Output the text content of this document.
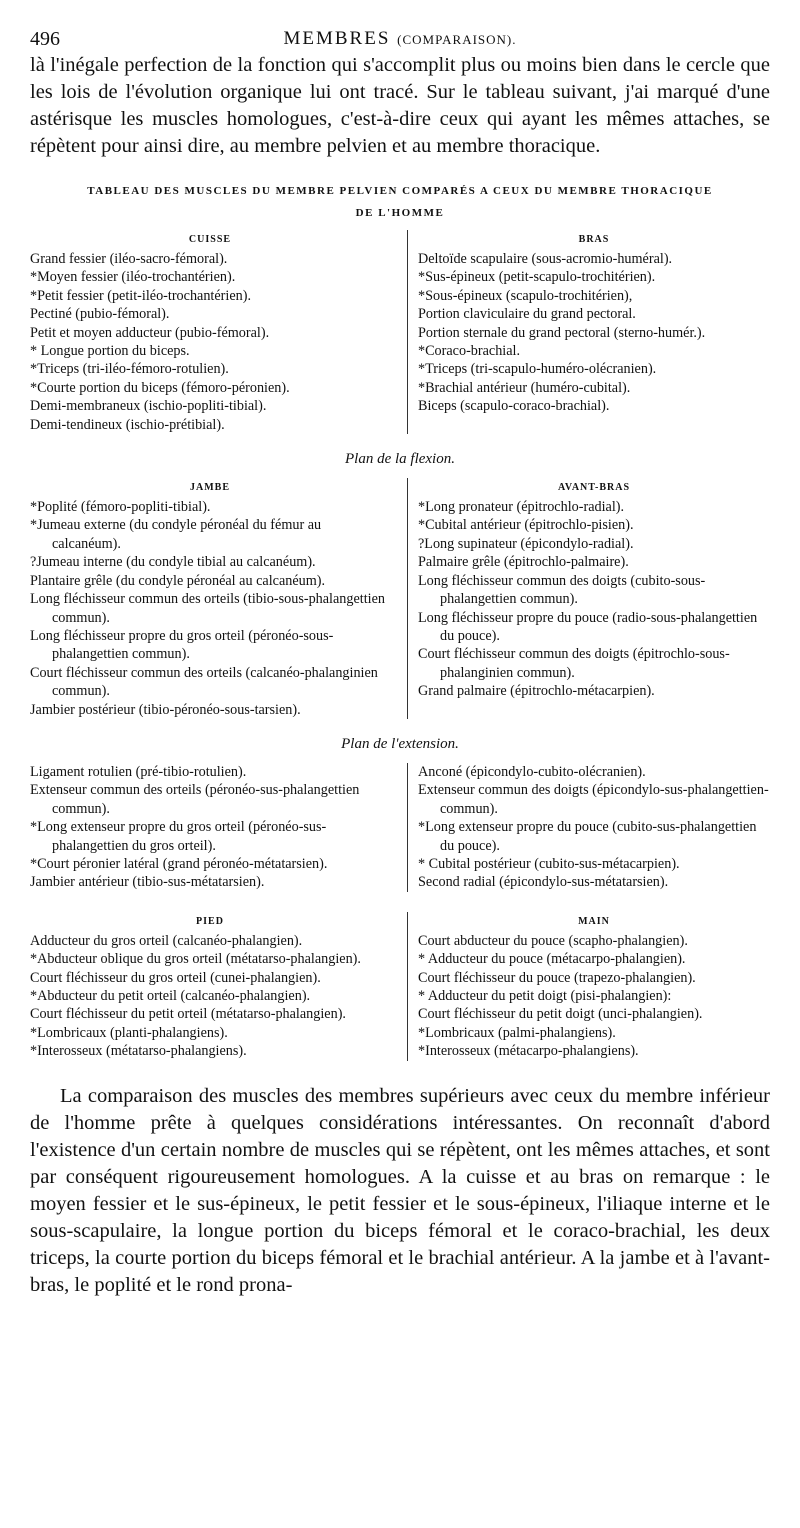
496	MEMBRES (COMPARAISON).

là l'inégale perfection de la fonction qui s'accomplit plus ou moins bien dans le cercle que les lois de l'évolution organique lui ont tracé. Sur le tableau suivant, j'ai marqué d'une astérisque les muscles homologues, c'est-à-dire ceux qui ayant les mêmes attaches, se répètent pour ainsi dire, au membre pelvien et au membre thoracique.

TABLEAU DES MUSCLES DU MEMBRE PELVIEN COMPARÉS A CEUX DU MEMBRE THORACIQUE
DE L'HOMME
CUISSE
Grand fessier (iléo-sacro-fémoral).
*Moyen fessier (iléo-trochantérien).
*Petit fessier (petit-iléo-trochantérien).
Pectiné (pubio-fémoral).
Petit et moyen adducteur (pubio-fémoral).
* Longue portion du biceps.
*Triceps (tri-iléo-fémoro-rotulien).
*Courte portion du biceps (fémoro-péronien).
Demi-membraneux (ischio-popliti-tibial).
Demi-tendineux (ischio-prétibial).
BRAS
Deltoïde scapulaire (sous-acromio-huméral).
*Sus-épineux (petit-scapulo-trochitérien).
*Sous-épineux (scapulo-trochitérien),
Portion claviculaire du grand pectoral.
Portion sternale du grand pectoral (sterno-humér.).
*Coraco-brachial.
*Triceps (tri-scapulo-huméro-olécranien).
*Brachial antérieur (huméro-cubital).
Biceps (scapulo-coraco-brachial).
Plan de la flexion.
JAMBE
*Poplité (fémoro-popliti-tibial).
*Jumeau externe (du condyle péronéal du fémur au calcanéum).
?Jumeau interne (du condyle tibial au calcanéum).
Plantaire grêle (du condyle péronéal au calcanéum).
Long fléchisseur commun des orteils (tibio-sous-phalangettien commun).
Long fléchisseur propre du gros orteil (péronéo-sous-phalangettien commun).
Court fléchisseur commun des orteils (calcanéo-phalanginien commun).
Jambier postérieur (tibio-péronéo-sous-tarsien).
AVANT-BRAS
*Long pronateur (épitrochlo-radial).
*Cubital antérieur (épitrochlo-pisien).
?Long supinateur (épicondylo-radial).
Palmaire grêle (épitrochlo-palmaire).
Long fléchisseur commun des doigts (cubito-sous-phalangettien commun).
Long fléchisseur propre du pouce (radio-sous-phalangettien du pouce).
Court fléchisseur commun des doigts (épitrochlo-sous-phalanginien commun).
Grand palmaire (épitrochlo-métacarpien).
Plan de l'extension.
Ligament rotulien (pré-tibio-rotulien).
Extenseur commun des orteils (péronéo-sus-phalangettien commun).
*Long extenseur propre du gros orteil (péronéo-sus-phalangettien du gros orteil).
*Court péronier latéral (grand péronéo-métatarsien).
Jambier antérieur (tibio-sus-métatarsien).
Anconé (épicondylo-cubito-olécranien).
Extenseur commun des doigts (épicondylo-sus-phalangettien-commun).
*Long extenseur propre du pouce (cubito-sus-phalangettien du pouce).
* Cubital postérieur (cubito-sus-métacarpien).
Second radial (épicondylo-sus-métatarsien).
PIED
Adducteur du gros orteil (calcanéo-phalangien).
*Abducteur oblique du gros orteil (métatarso-phalangien).
Court fléchisseur du gros orteil (cunei-phalangien).
*Abducteur du petit orteil (calcanéo-phalangien).
Court fléchisseur du petit orteil (métatarso-phalangien).
*Lombricaux (planti-phalangiens).
*Interosseux (métatarso-phalangiens).
MAIN
Court abducteur du pouce (scapho-phalangien).
* Adducteur du pouce (métacarpo-phalangien).
Court fléchisseur du pouce (trapezo-phalangien).
* Adducteur du petit doigt (pisi-phalangien):
Court fléchisseur du petit doigt (unci-phalangien).
*Lombricaux (palmi-phalangiens).
*Interosseux (métacarpo-phalangiens).

La comparaison des muscles des membres supérieurs avec ceux du membre inférieur de l'homme prête à quelques considérations intéressantes. On reconnaît d'abord l'existence d'un certain nombre de muscles qui se répètent, ont les mêmes attaches, et sont par conséquent rigoureusement homologues. A la cuisse et au bras on remarque : le moyen fessier et le sus-épineux, le petit fessier et le sous-épineux, l'iliaque interne et le sous-scapulaire, la longue portion du biceps fémoral et le coraco-brachial, les deux triceps, la courte portion du biceps fémoral et le brachial antérieur. A la jambe et à l'avant-bras, le poplité et le rond prona-
